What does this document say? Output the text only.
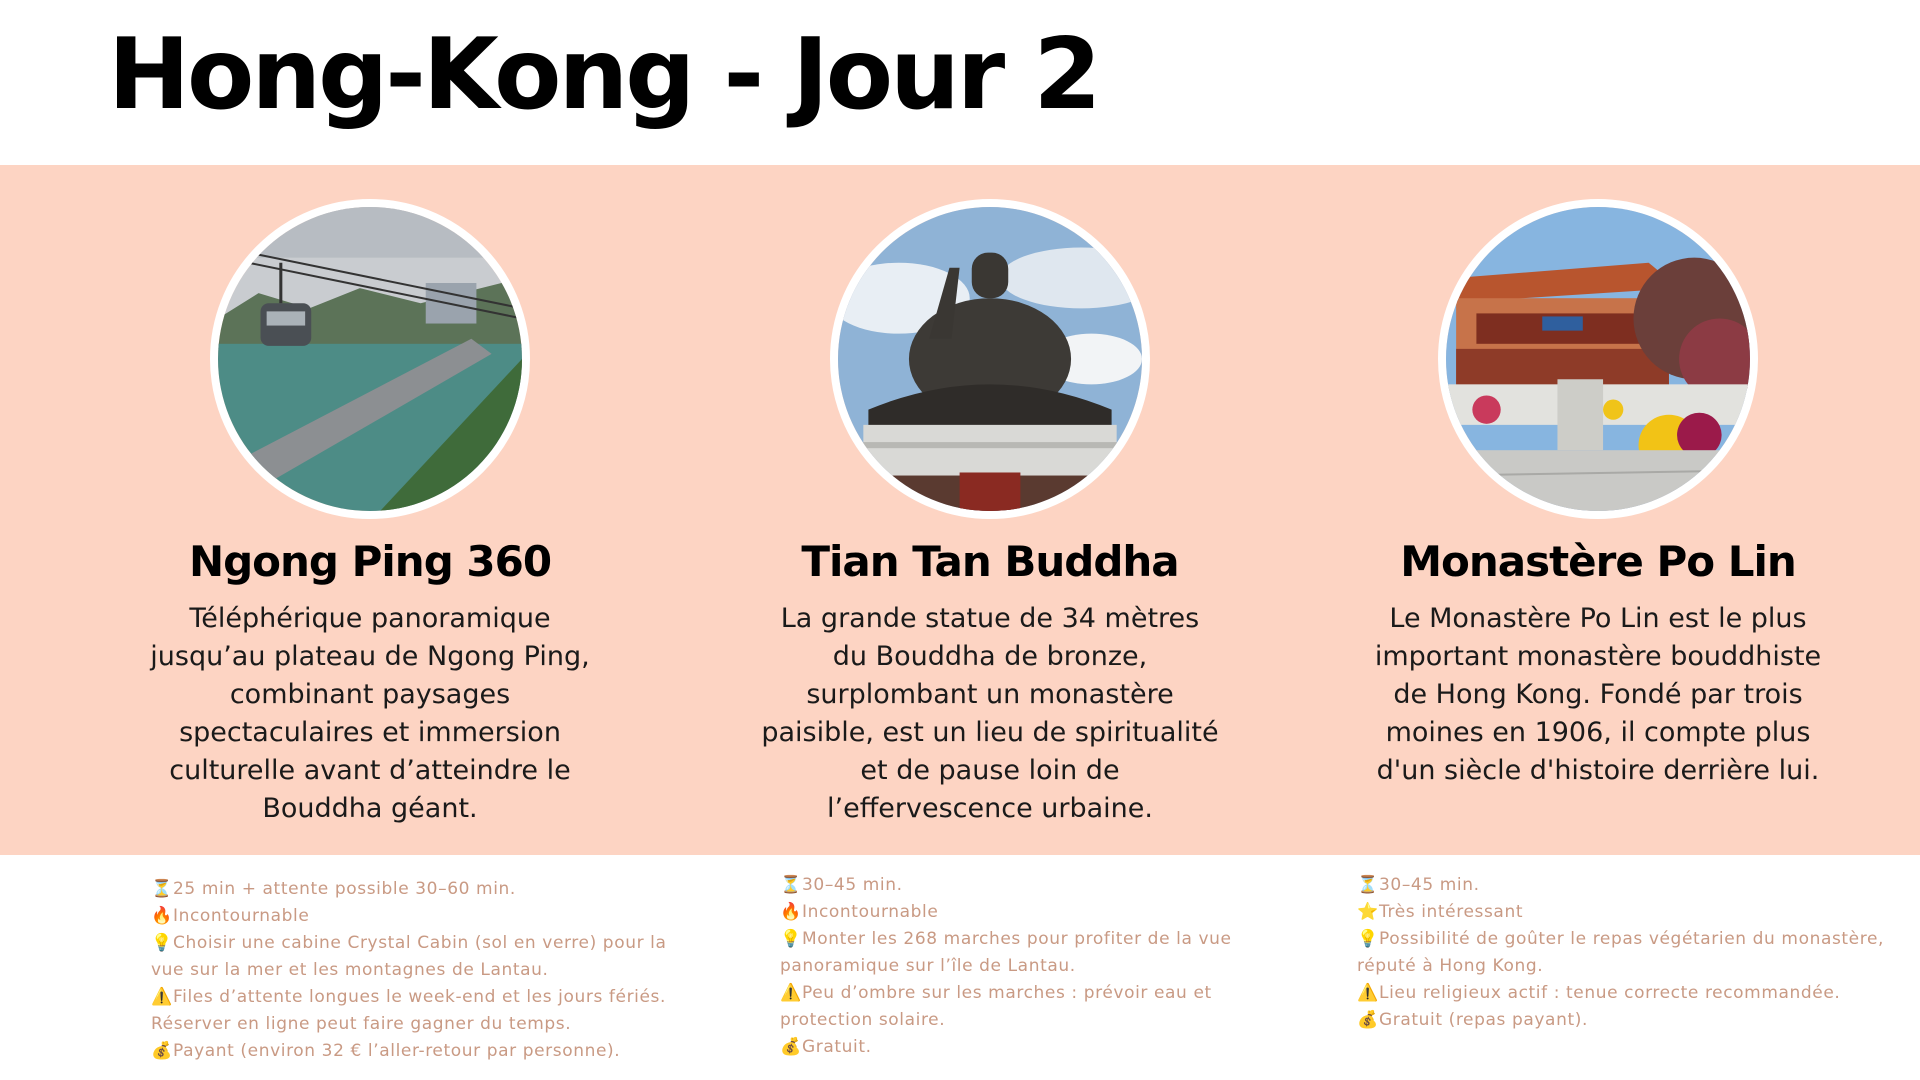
Hong-Kong - Jour 2
Ngong Ping 360

Téléphérique panoramique jusqu’au plateau de Ngong Ping, combinant paysages spectaculaires et immersion culturelle avant d’atteindre le Bouddha géant.

Tian Tan Buddha

La grande statue de 34 mètres du Bouddha de bronze, surplombant un monastère paisible, est un lieu de spiritualité et de pause loin de l’effervescence urbaine.

Monastère Po Lin

Le Monastère Po Lin est le plus important monastère bouddhiste de Hong Kong. Fondé par trois moines en 1906, il compte plus d'un siècle d'histoire derrière lui.

⏳25 min + attente possible 30–60 min.

🔥Incontournable

💡Choisir une cabine Crystal Cabin (sol en verre) pour la vue sur la mer et les montagnes de Lantau.

⚠️Files d’attente longues le week-end et les jours fériés. Réserver en ligne peut faire gagner du temps.

💰Payant (environ 32 € l’aller-retour par personne).

⏳30–45 min.

🔥Incontournable

💡Monter les 268 marches pour profiter de la vue panoramique sur l’île de Lantau.

⚠️Peu d’ombre sur les marches : prévoir eau et protection solaire.

💰Gratuit.

⏳30–45 min.

⭐Très intéressant

💡Possibilité de goûter le repas végétarien du monastère, réputé à Hong Kong.

⚠️Lieu religieux actif : tenue correcte recommandée.

💰Gratuit (repas payant).
